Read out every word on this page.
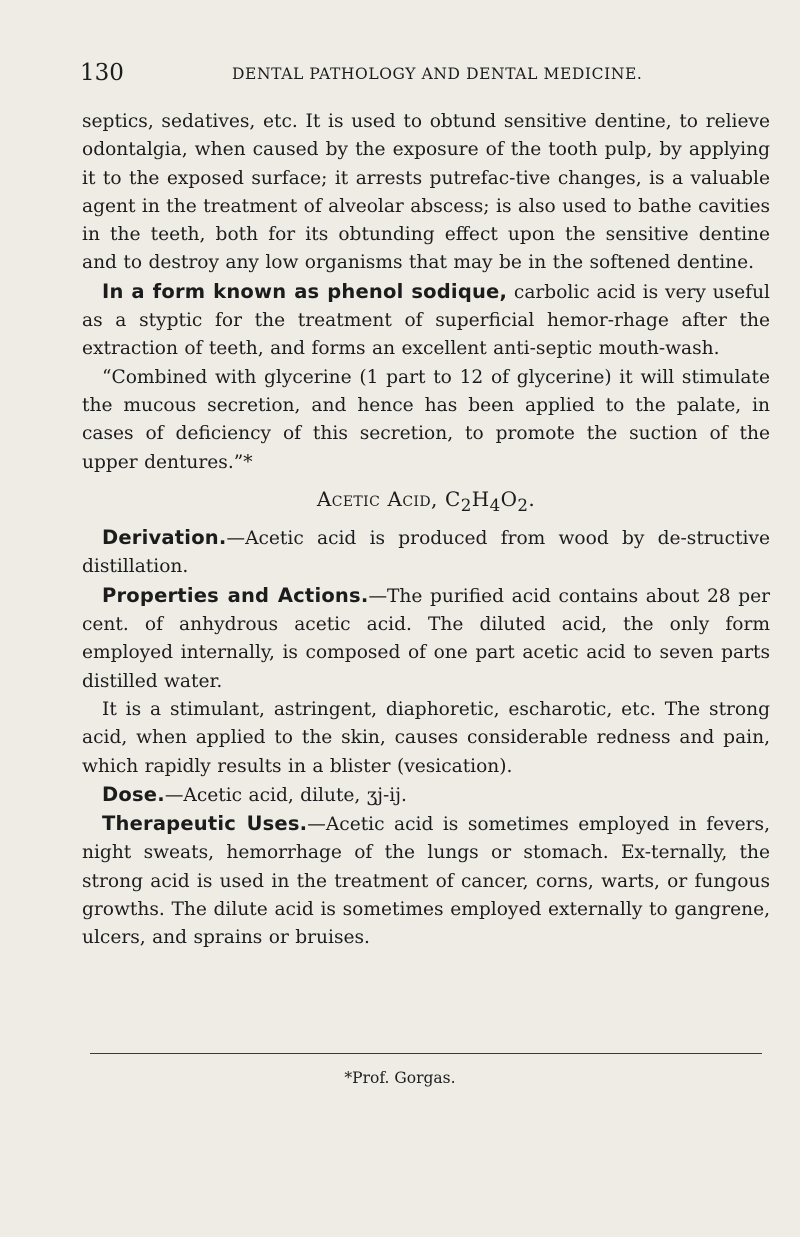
130	DENTAL PATHOLOGY AND DENTAL MEDICINE.

septics, sedatives, etc. It is used to obtund sensitive dentine, to relieve odontalgia, when caused by the exposure of the tooth pulp, by applying it to the exposed surface; it arrests putrefac-tive changes, is a valuable agent in the treatment of alveolar abscess; is also used to bathe cavities in the teeth, both for its obtunding effect upon the sensitive dentine and to destroy any low organisms that may be in the softened dentine.

In a form known as phenol sodique, carbolic acid is very useful as a styptic for the treatment of superficial hemor-rhage after the extraction of teeth, and forms an excellent anti-septic mouth-wash.

“Combined with glycerine (1 part to 12 of glycerine) it will stimulate the mucous secretion, and hence has been applied to the palate, in cases of deficiency of this secretion, to promote the suction of the upper dentures.”*

Acetic Acid, $C_2H_4O_2$.

Derivation.—Acetic acid is produced from wood by de-structive distillation.

Properties and Actions.—The purified acid contains about 28 per cent. of anhydrous acetic acid. The diluted acid, the only form employed internally, is composed of one part acetic acid to seven parts distilled water.

It is a stimulant, astringent, diaphoretic, escharotic, etc. The strong acid, when applied to the skin, causes considerable redness and pain, which rapidly results in a blister (vesication).

Dose.—Acetic acid, dilute, ʒj-ij.

Therapeutic Uses.—Acetic acid is sometimes employed in fevers, night sweats, hemorrhage of the lungs or stomach. Ex-ternally, the strong acid is used in the treatment of cancer, corns, warts, or fungous growths. The dilute acid is sometimes employed externally to gangrene, ulcers, and sprains or bruises.

*Prof. Gorgas.
